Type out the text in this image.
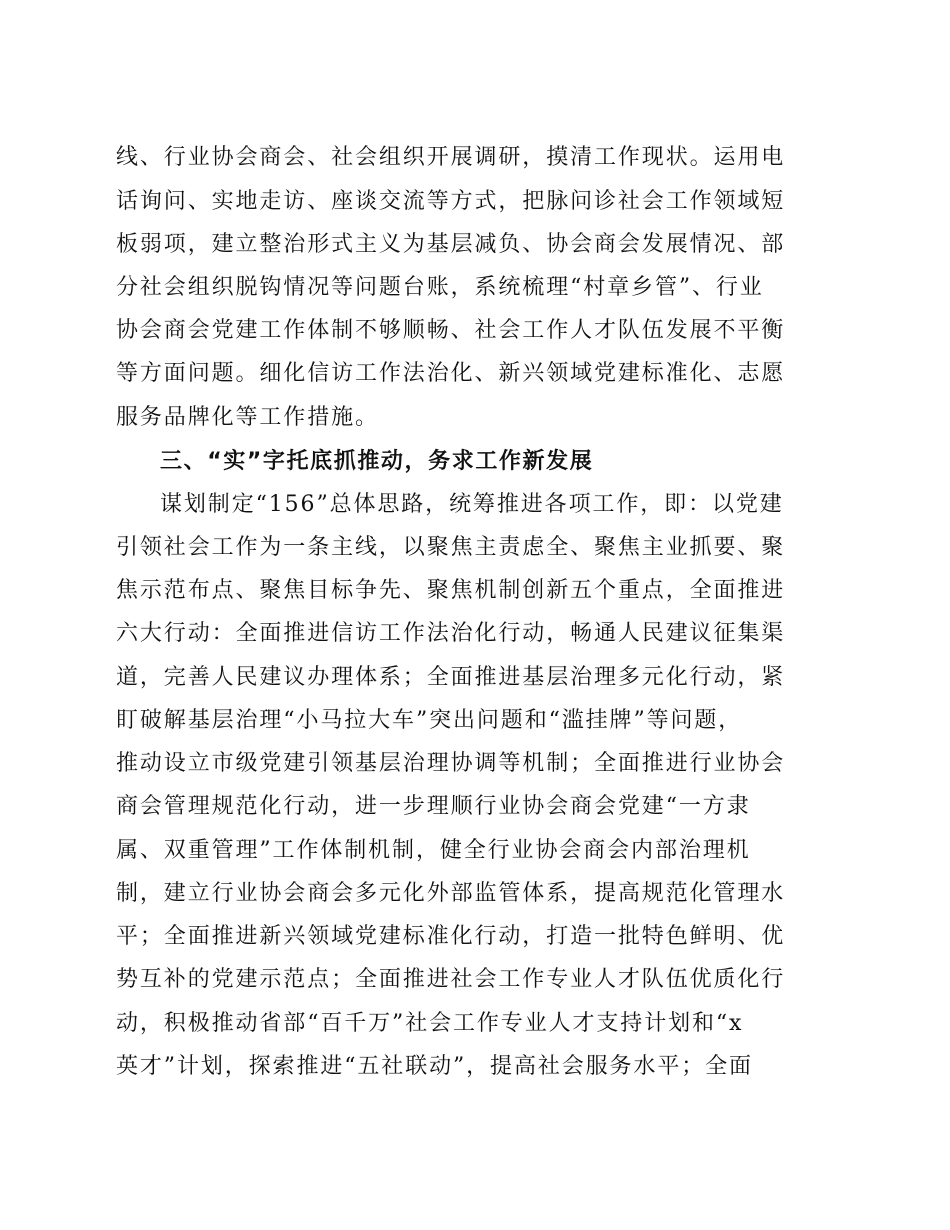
线、行业协会商会、社会组织开展调研，摸清工作现状。运用电
话询问、实地走访、座谈交流等方式，把脉问诊社会工作领域短
板弱项，建立整治形式主义为基层减负、协会商会发展情况、部
分社会组织脱钩情况等问题台账，系统梳理“村章乡管”、行业
协会商会党建工作体制不够顺畅、社会工作人才队伍发展不平衡
等方面问题。细化信访工作法治化、新兴领域党建标准化、志愿
服务品牌化等工作措施。
三、“实”字托底抓推动，务求工作新发展
谋划制定“156”总体思路，统筹推进各项工作，即：以党建
引领社会工作为一条主线，以聚焦主责虑全、聚焦主业抓要、聚
焦示范布点、聚焦目标争先、聚焦机制创新五个重点，全面推进
六大行动：全面推进信访工作法治化行动，畅通人民建议征集渠
道，完善人民建议办理体系；全面推进基层治理多元化行动，紧
盯破解基层治理“小马拉大车”突出问题和“滥挂牌”等问题，
推动设立市级党建引领基层治理协调等机制；全面推进行业协会
商会管理规范化行动，进一步理顺行业协会商会党建“一方隶
属、双重管理”工作体制机制，健全行业协会商会内部治理机
制，建立行业协会商会多元化外部监管体系，提高规范化管理水
平；全面推进新兴领域党建标准化行动，打造一批特色鲜明、优
势互补的党建示范点；全面推进社会工作专业人才队伍优质化行
动，积极推动省部“百千万”社会工作专业人才支持计划和“x
英才”计划，探索推进“五社联动”，提高社会服务水平；全面
